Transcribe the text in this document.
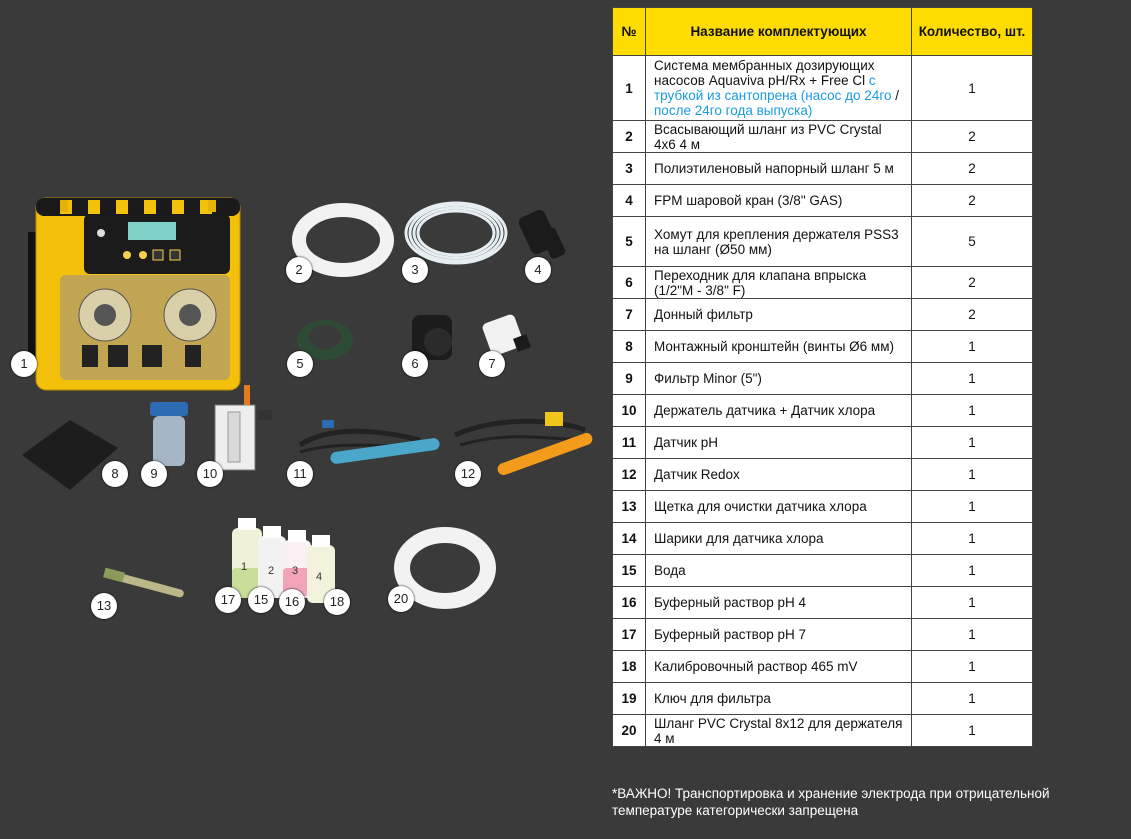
1 2 3 4
1
2	3	4
5	6	7
8	9	10	11	12
13	15	16
17	18	20
№	Название комплектующих	Количество, шт.
1	Система мембранных дозирующих насосов Aquaviva pH/Rx + Free Cl с трубкой из сантопрена (насос до 24го / после 24го года выпуска)	1
2	Всасывающий шланг из PVC Crystal 4x6 4 м	2
3	Полиэтиленовый напорный шланг 5 м	2
4	FPM шаровой кран (3/8" GAS)	2
5	Хомут для крепления держателя PSS3 на шланг (Ø50 мм)	5
6	Переходник для клапана впрыска (1/2"M - 3/8" F)	2
7	Донный фильтр	2
8	Монтажный кронштейн (винты Ø6 мм)	1
9	Фильтр Minor (5")	1
10	Держатель датчика + Датчик хлора	1
11	Датчик pH	1
12	Датчик Redox	1
13	Щетка для очистки датчика хлора	1
14	Шарики для датчика хлора	1
15	Вода	1
16	Буферный раствор pH 4	1
17	Буферный раствор pH 7	1
18	Калибровочный раствор 465 mV	1
19	Ключ для фильтра	1
20	Шланг PVC Crystal 8x12 для держателя 4 м	1
*ВАЖНО! Транспортировка и хранение электрода при отрицательной температуре категорически запрещена
